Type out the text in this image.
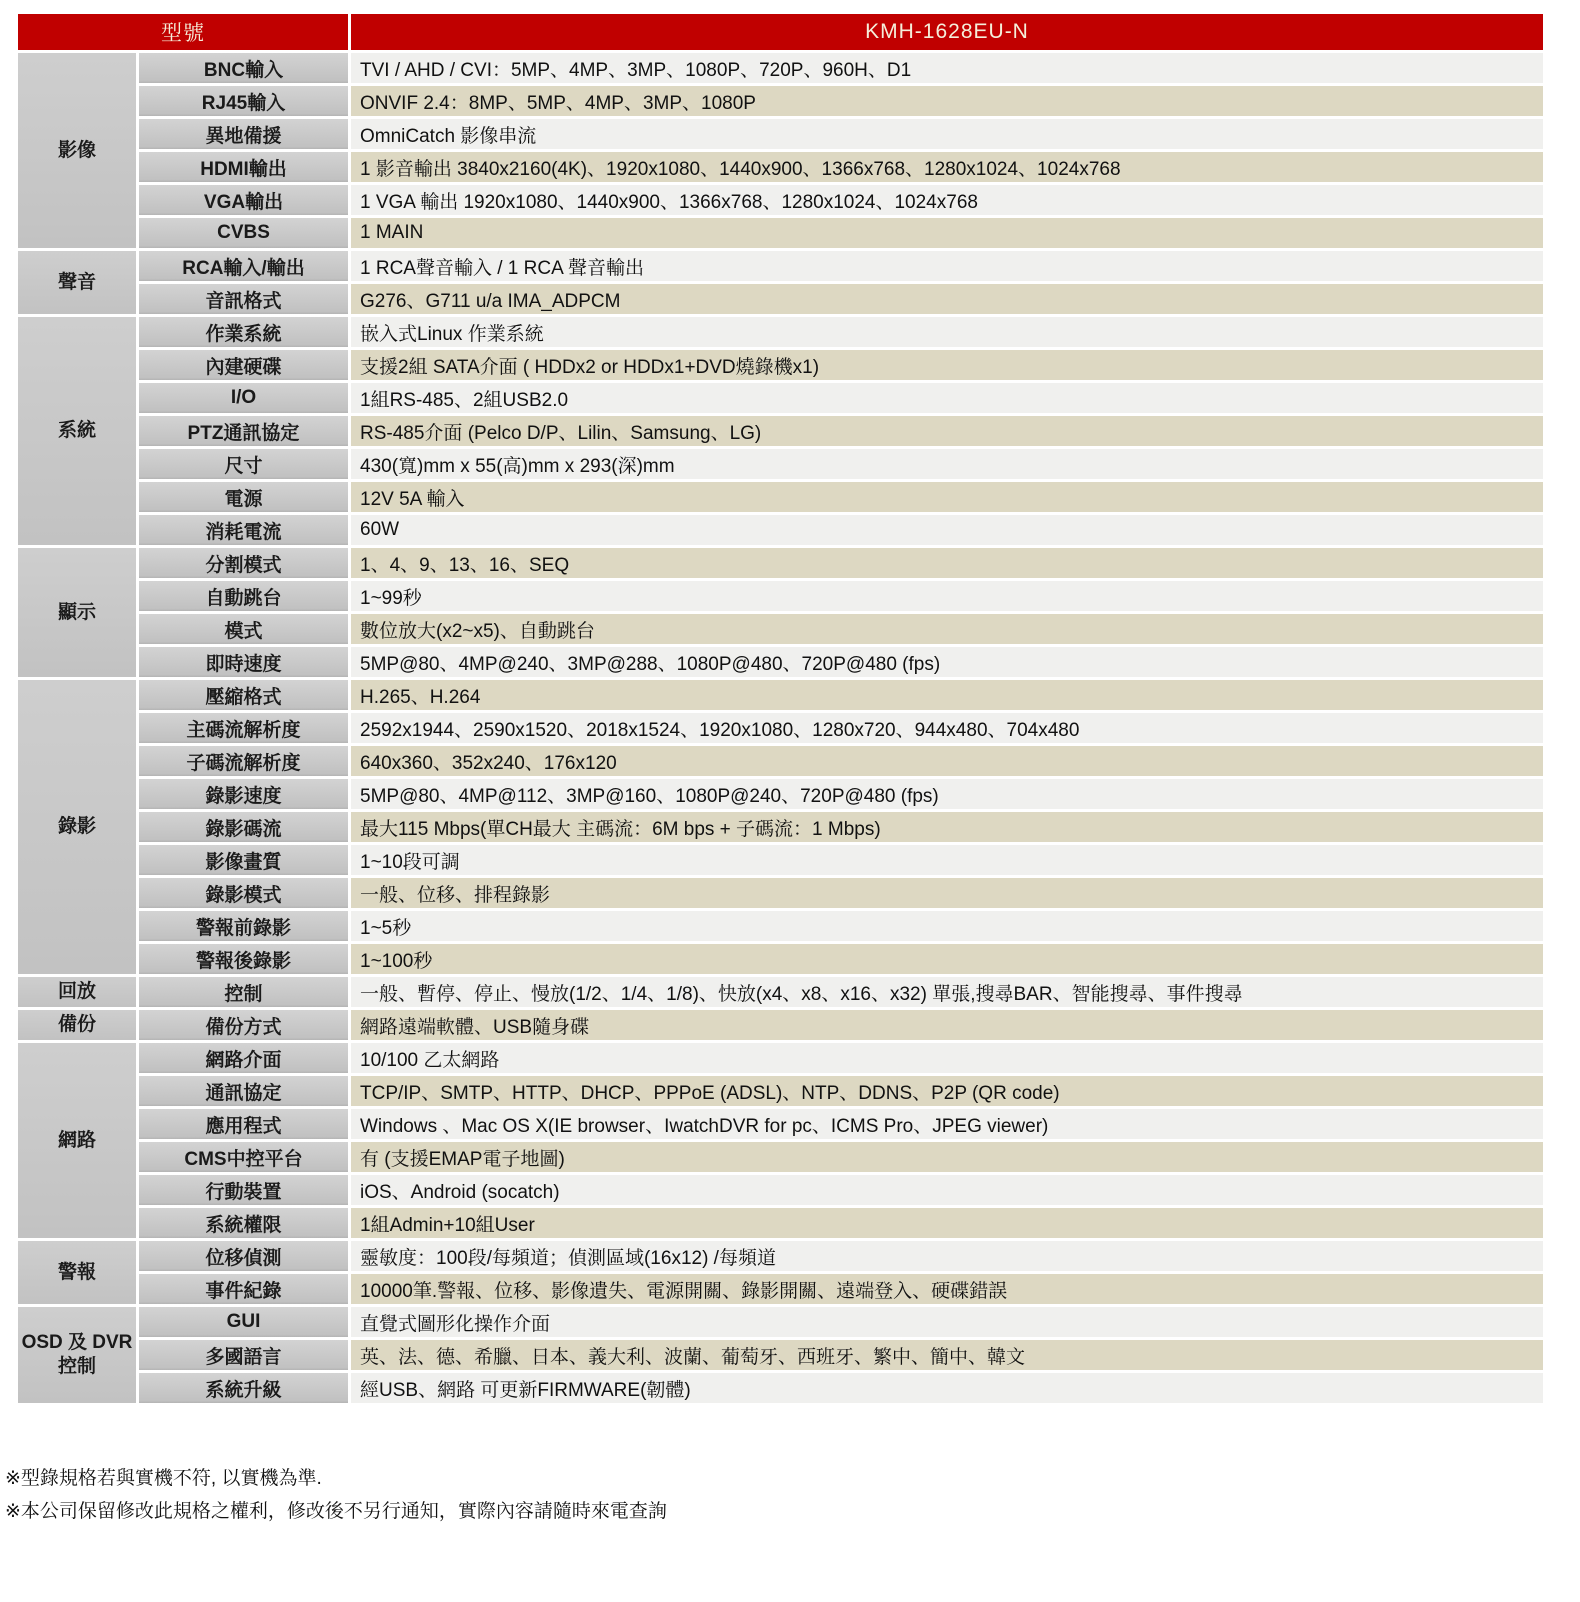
型號		KMH-1628EU-N
影像	BNC輸入	TVI / AHD / CVI：5MP、4MP、3MP、1080P、720P、960H、D1
	RJ45輸入	ONVIF 2.4：8MP、5MP、4MP、3MP、1080P
	異地備援	OmniCatch 影像串流
	HDMI輸出	1 影音輸出 3840x2160(4K)、1920x1080、1440x900、1366x768、1280x1024、1024x768
	VGA輸出	1 VGA 輸出 1920x1080、1440x900、1366x768、1280x1024、1024x768
	CVBS	1 MAIN
聲音	RCA輸入/輸出	1 RCA聲音輸入 / 1 RCA 聲音輸出
	音訊格式	G276、G711 u/a IMA_ADPCM
系統	作業系統	嵌入式Linux 作業系統
	內建硬碟	支援2組 SATA介面 ( HDDx2 or HDDx1+DVD燒錄機x1)
	I/O	1組RS-485、2組USB2.0
	PTZ通訊協定	RS-485介面 (Pelco D/P、Lilin、Samsung、LG)
	尺寸	430(寬)mm x 55(高)mm x 293(深)mm
	電源	12V 5A 輸入
	消耗電流	60W
顯示	分割模式	1、4、9、13、16、SEQ
	自動跳台	1~99秒
	模式	數位放大(x2~x5)、自動跳台
	即時速度	5MP@80、4MP@240、3MP@288、1080P@480、720P@480 (fps)
錄影	壓縮格式	H.265、H.264
	主碼流解析度	2592x1944、2590x1520、2018x1524、1920x1080、1280x720、944x480、704x480
	子碼流解析度	640x360、352x240、176x120
	錄影速度	5MP@80、4MP@112、3MP@160、1080P@240、720P@480 (fps)
	錄影碼流	最大115 Mbps(單CH最大 主碼流：6M bps + 子碼流：1 Mbps)
	影像畫質	1~10段可調
	錄影模式	一般、位移、排程錄影
	警報前錄影	1~5秒
	警報後錄影	1~100秒
回放	控制	一般、暫停、停止、慢放(1/2、1/4、1/8)、快放(x4、x8、x16、x32) 單張,搜尋BAR、智能搜尋、事件搜尋
備份	備份方式	網路遠端軟體、USB隨身碟
網路	網路介面	10/100 乙太網路
	通訊協定	TCP/IP、SMTP、HTTP、DHCP、PPPoE (ADSL)、NTP、DDNS、P2P (QR code)
	應用程式	Windows 、Mac OS X(IE browser、IwatchDVR for pc、ICMS Pro、JPEG viewer)
	CMS中控平台	有 (支援EMAP電子地圖)
	行動裝置	iOS、Android (socatch)
	系統權限	1組Admin+10組User
警報	位移偵測	靈敏度：100段/每頻道；偵測區域(16x12) /每頻道
	事件紀錄	10000筆.警報、位移、影像遺失、電源開關、錄影開關、遠端登入、硬碟錯誤
OSD 及 DVR 控制	GUI	直覺式圖形化操作介面
	多國語言	英、法、德、希臘、日本、義大利、波蘭、葡萄牙、西班牙、繁中、簡中、韓文
	系統升級	經USB、網路 可更新FIRMWARE(韌體)
※型錄規格若與實機不符, 以實機為準.
※本公司保留修改此規格之權利，修改後不另行通知，實際內容請隨時來電查詢
